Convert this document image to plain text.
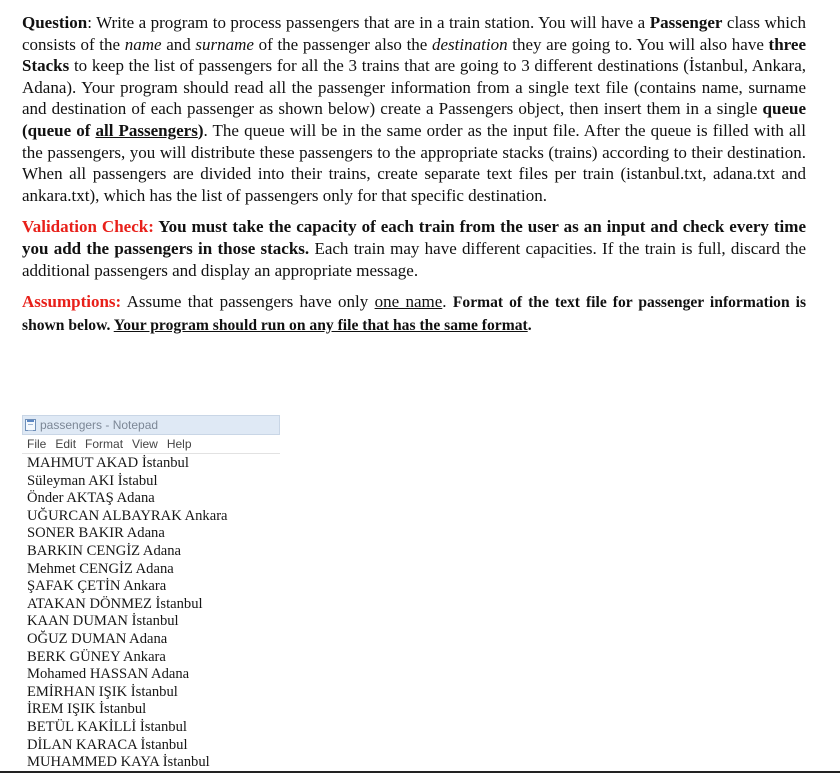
Question: Write a program to process passengers that are in a train station. You will have a Passenger class which consists of the name and surname of the passenger also the destination they are going to. You will also have three Stacks to keep the list of passengers for all the 3 trains that are going to 3 different destinations (İstanbul, Ankara, Adana). Your program should read all the passenger information from a single text file (contains name, surname and destination of each passenger as shown below) create a Passengers object, then insert them in a single queue (queue of all Passengers). The queue will be in the same order as the input file. After the queue is filled with all the passengers, you will distribute these passengers to the appropriate stacks (trains) according to their destination. When all passengers are divided into their trains, create separate text files per train (istanbul.txt, adana.txt and ankara.txt), which has the list of passengers only for that specific destination.

Validation Check: You must take the capacity of each train from the user as an input and check every time you add the passengers in those stacks. Each train may have different capacities. If the train is full, discard the additional passengers and display an appropriate message.

Assumptions: Assume that passengers have only one name. Format of the text file for passenger information is shown below. Your program should run on any file that has the same format.

passengers - Notepad
File Edit Format View Help
MAHMUT AKAD İstanbul
Süleyman AKI İstabul
Önder AKTAŞ Adana
UĞURCAN ALBAYRAK Ankara
SONER BAKIR Adana
BARKIN CENGİZ Adana
Mehmet CENGİZ Adana
ŞAFAK ÇETİN Ankara
ATAKAN DÖNMEZ İstanbul
KAAN DUMAN İstanbul
OĞUZ DUMAN Adana
BERK GÜNEY Ankara
Mohamed HASSAN Adana
EMİRHAN IŞIK İstanbul
İREM IŞIK İstanbul
BETÜL KAKİLLİ İstanbul
DİLAN KARACA İstanbul
MUHAMMED KAYA İstanbul
